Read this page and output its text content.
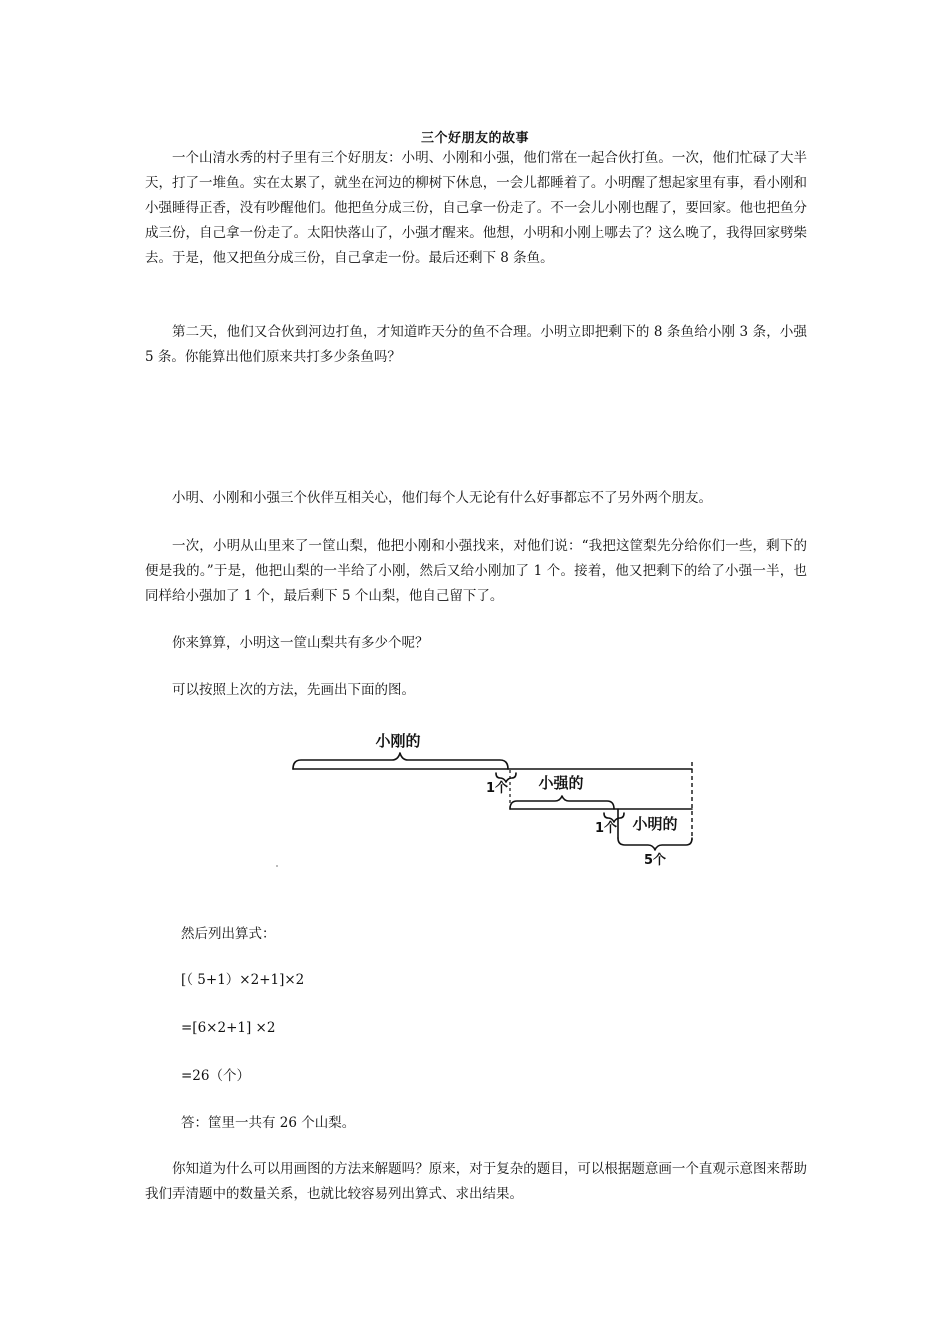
三个好朋友的故事

一个山清水秀的村子里有三个好朋友：小明、小刚和小强，他们常在一起合伙打鱼。一次，他们忙碌了大半天，打了一堆鱼。实在太累了，就坐在河边的柳树下休息，一会儿都睡着了。小明醒了想起家里有事，看小刚和小强睡得正香，没有吵醒他们。他把鱼分成三份，自己拿一份走了。不一会儿小刚也醒了，要回家。他也把鱼分成三份，自己拿一份走了。太阳快落山了，小强才醒来。他想，小明和小刚上哪去了？这么晚了，我得回家劈柴去。于是，他又把鱼分成三份，自己拿走一份。最后还剩下 8 条鱼。

第二天，他们又合伙到河边打鱼，才知道昨天分的鱼不合理。小明立即把剩下的 8 条鱼给小刚 3 条，小强 5 条。你能算出他们原来共打多少条鱼吗？

小明、小刚和小强三个伙伴互相关心，他们每个人无论有什么好事都忘不了另外两个朋友。

一次，小明从山里来了一筐山梨，他把小刚和小强找来，对他们说：“我把这筐梨先分给你们一些，剩下的便是我的。”于是，他把山梨的一半给了小刚，然后又给小刚加了 1 个。接着，他又把剩下的给了小强一半，也同样给小强加了 1 个，最后剩下 5 个山梨，他自己留下了。

你来算算，小明这一筐山梨共有多少个呢？

可以按照上次的方法，先画出下面的图。

小刚的
1个 小强的
1个 小明的
5个

然后列出算式：

[（ 5+1）×2+1]×2

=[6×2+1] ×2

=26（个）

答：筐里一共有 26 个山梨。

你知道为什么可以用画图的方法来解题吗？原来，对于复杂的题目，可以根据题意画一个直观示意图来帮助我们弄清题中的数量关系，也就比较容易列出算式、求出结果。
